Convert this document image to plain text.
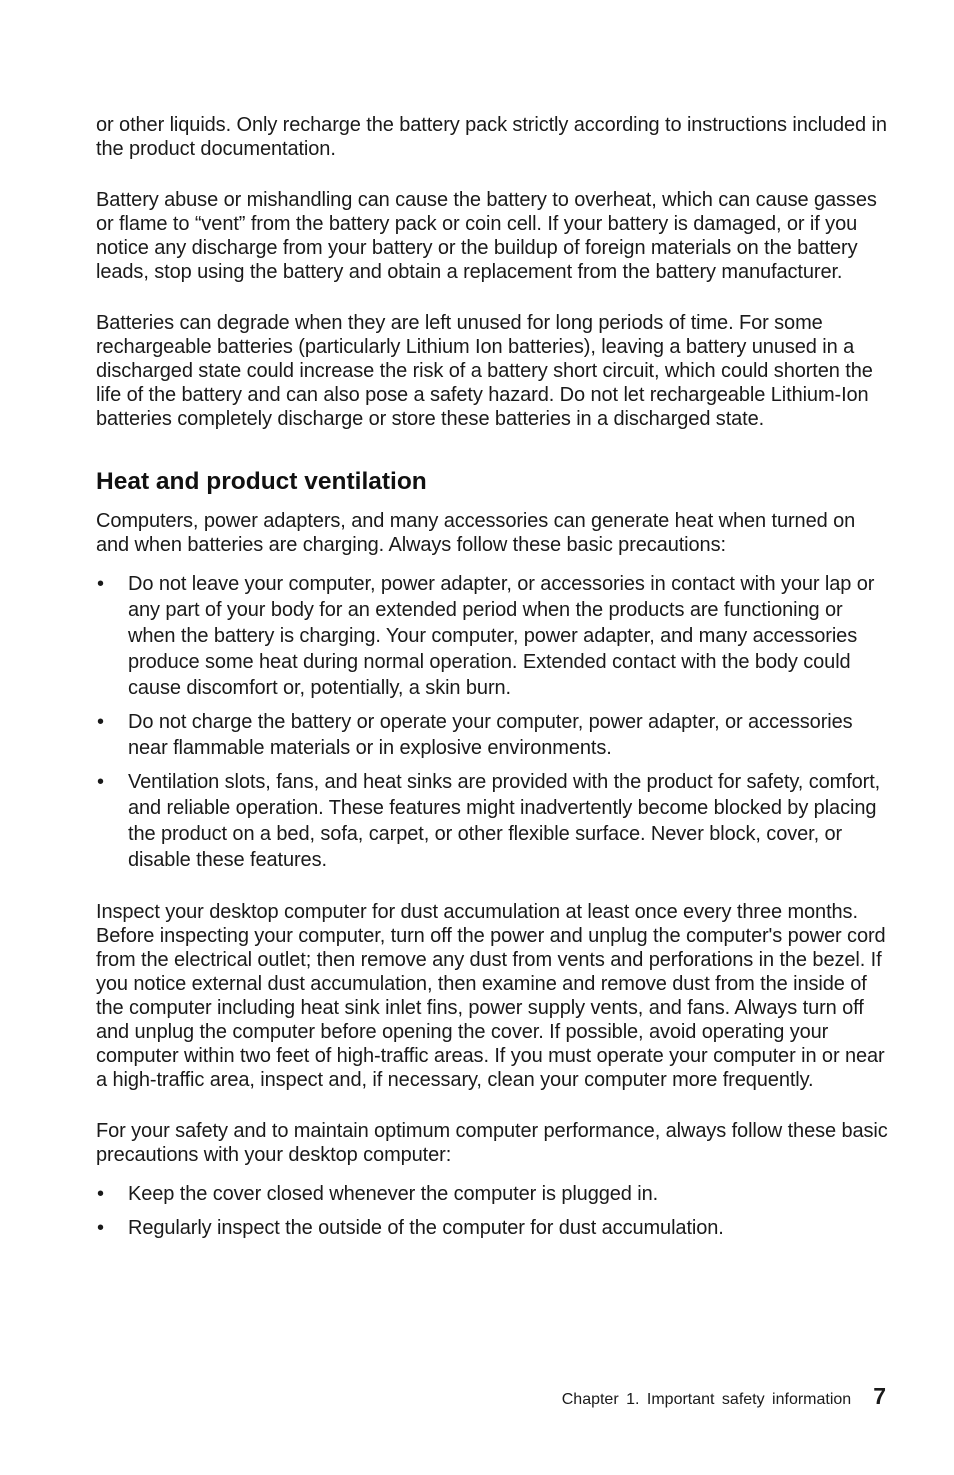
or other liquids. Only recharge the battery pack strictly according to instructions included in the product documentation.

Battery abuse or mishandling can cause the battery to overheat, which can cause gasses or flame to “vent” from the battery pack or coin cell. If your battery is damaged, or if you notice any discharge from your battery or the buildup of foreign materials on the battery leads, stop using the battery and obtain a replacement from the battery manufacturer.

Batteries can degrade when they are left unused for long periods of time. For some rechargeable batteries (particularly Lithium Ion batteries), leaving a battery unused in a discharged state could increase the risk of a battery short circuit, which could shorten the life of the battery and can also pose a safety hazard. Do not let rechargeable Lithium-Ion batteries completely discharge or store these batteries in a discharged state.

Heat and product ventilation

Computers, power adapters, and many accessories can generate heat when turned on and when batteries are charging. Always follow these basic precautions:

• Do not leave your computer, power adapter, or accessories in contact with your lap or any part of your body for an extended period when the products are functioning or when the battery is charging. Your computer, power adapter, and many accessories produce some heat during normal operation. Extended contact with the body could cause discomfort or, potentially, a skin burn.
• Do not charge the battery or operate your computer, power adapter, or accessories near flammable materials or in explosive environments.
• Ventilation slots, fans, and heat sinks are provided with the product for safety, comfort, and reliable operation. These features might inadvertently become blocked by placing the product on a bed, sofa, carpet, or other flexible surface. Never block, cover, or disable these features.

Inspect your desktop computer for dust accumulation at least once every three months. Before inspecting your computer, turn off the power and unplug the computer's power cord from the electrical outlet; then remove any dust from vents and perforations in the bezel. If you notice external dust accumulation, then examine and remove dust from the inside of the computer including heat sink inlet fins, power supply vents, and fans. Always turn off and unplug the computer before opening the cover. If possible, avoid operating your computer within two feet of high-traffic areas. If you must operate your computer in or near a high-traffic area, inspect and, if necessary, clean your computer more frequently.

For your safety and to maintain optimum computer performance, always follow these basic precautions with your desktop computer:

• Keep the cover closed whenever the computer is plugged in.
• Regularly inspect the outside of the computer for dust accumulation.
Chapter 1. Important safety information 7
